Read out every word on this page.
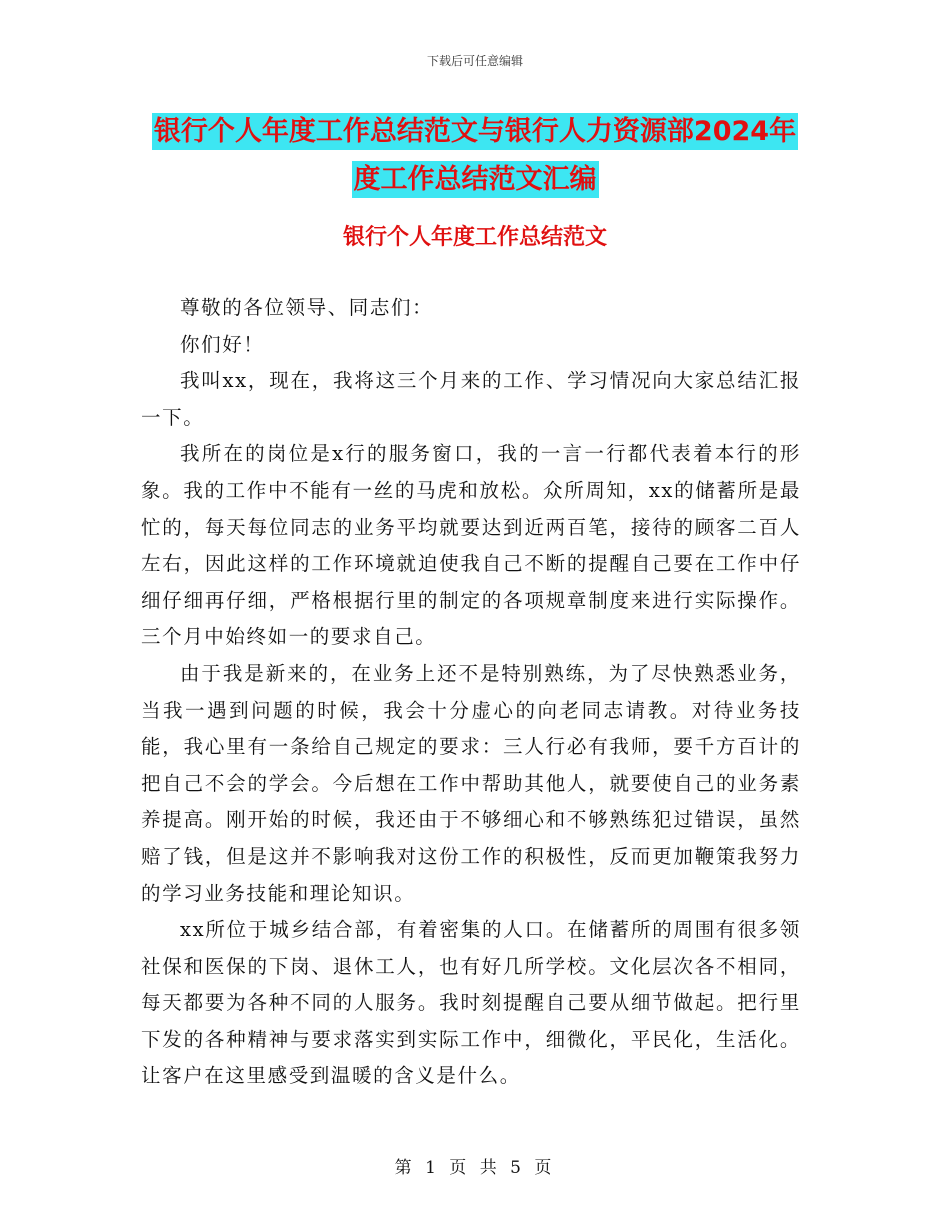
下载后可任意编辑
银行个人年度工作总结范文与银行人力资源部2024年
度工作总结范文汇编
银行个人年度工作总结范文

尊敬的各位领导、同志们：

你们好！

我叫xx，现在，我将这三个月来的工作、学习情况向大家总结汇报一下。

我所在的岗位是x行的服务窗口，我的一言一行都代表着本行的形象。我的工作中不能有一丝的马虎和放松。众所周知，xx的储蓄所是最忙的，每天每位同志的业务平均就要达到近两百笔，接待的顾客二百人左右，因此这样的工作环境就迫使我自己不断的提醒自己要在工作中仔细仔细再仔细，严格根据行里的制定的各项规章制度来进行实际操作。三个月中始终如一的要求自己。

由于我是新来的，在业务上还不是特别熟练，为了尽快熟悉业务，当我一遇到问题的时候，我会十分虚心的向老同志请教。对待业务技能，我心里有一条给自己规定的要求：三人行必有我师，要千方百计的把自己不会的学会。今后想在工作中帮助其他人，就要使自己的业务素养提高。刚开始的时候，我还由于不够细心和不够熟练犯过错误，虽然赔了钱，但是这并不影响我对这份工作的积极性，反而更加鞭策我努力的学习业务技能和理论知识。

xx所位于城乡结合部，有着密集的人口。在储蓄所的周围有很多领社保和医保的下岗、退休工人，也有好几所学校。文化层次各不相同，每天都要为各种不同的人服务。我时刻提醒自己要从细节做起。把行里下发的各种精神与要求落实到实际工作中，细微化，平民化，生活化。让客户在这里感受到温暖的含义是什么。

第 1 页 共 5 页
